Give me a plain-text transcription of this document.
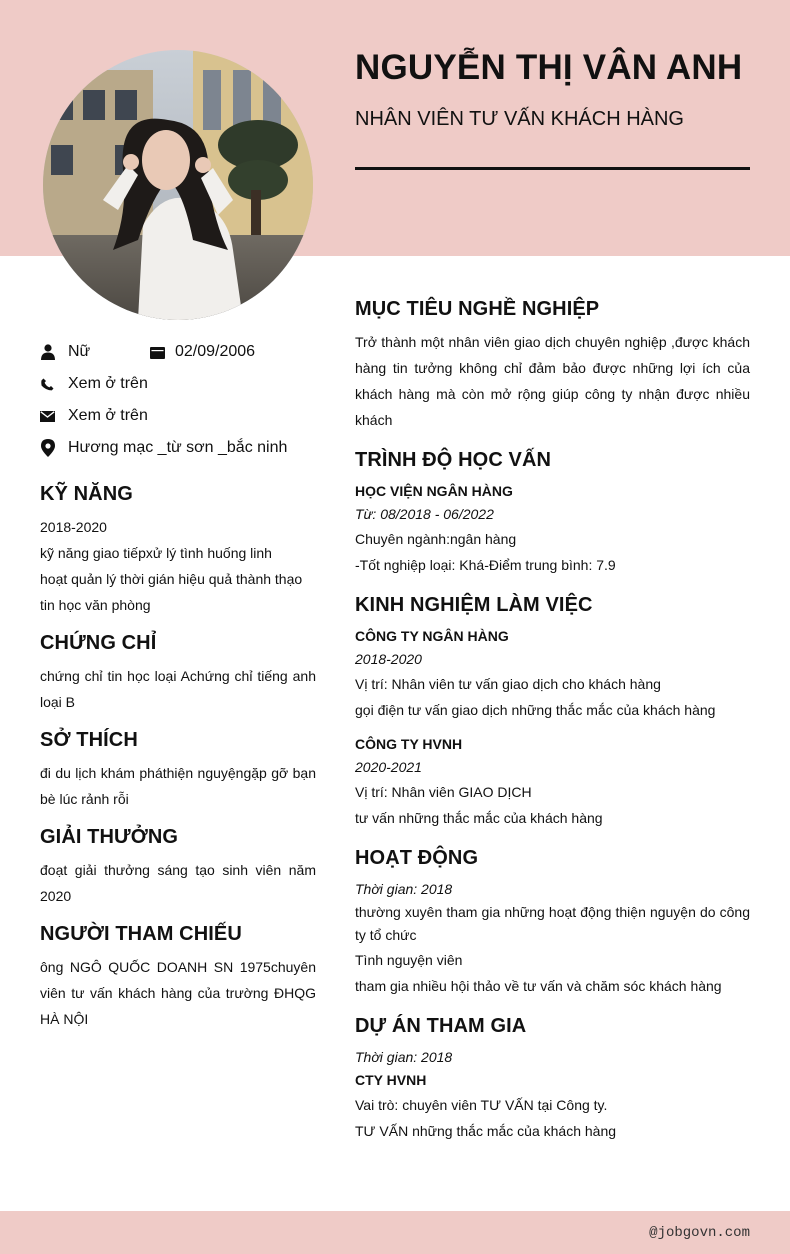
NGUYỄN THỊ VÂN ANH
NHÂN VIÊN TƯ VẤN KHÁCH HÀNG
Nữ	02/09/2006
Xem ở trên
Xem ở trên
Hương mạc _từ sơn _bắc ninh
KỸ NĂNG
2018-2020
kỹ năng giao tiếpxử lý tình huống linh
hoạt quản lý thời gián hiệu quả thành thạo
tin học văn phòng
CHỨNG CHỈ
chứng chỉ tin học loại Achứng chỉ tiếng anh loại B
SỞ THÍCH
đi du lịch khám pháthiện nguyệngặp gỡ bạn bè lúc rảnh rỗi
GIẢI THƯỞNG
đoạt giải thưởng sáng tạo sinh viên năm 2020
NGƯỜI THAM CHIẾU
ông NGÔ QUỐC DOANH SN 1975chuyên viên tư vấn khách hàng của trường ĐHQG HÀ NỘI
MỤC TIÊU NGHỀ NGHIỆP
Trở thành một nhân viên giao dịch chuyên nghiệp ,được khách hàng tin tưởng không chỉ đảm bảo được những lợi ích của khách hàng mà còn mở rộng giúp công ty nhận được nhiều khách
TRÌNH ĐỘ HỌC VẤN
HỌC VIỆN NGÂN HÀNG
Từ: 08/2018 - 06/2022
Chuyên ngành:ngân hàng
-Tốt nghiệp loại: Khá-Điểm trung bình: 7.9
KINH NGHIỆM LÀM VIỆC
CÔNG TY NGÂN HÀNG
2018-2020
Vị trí: Nhân viên tư vấn giao dịch cho khách hàng
gọi điện tư vấn giao dịch những thắc mắc của khách hàng
CÔNG TY HVNH
2020-2021
Vị trí: Nhân viên GIAO DỊCH
tư vấn những thắc mắc của khách hàng
HOẠT ĐỘNG
Thời gian: 2018
thường xuyên tham gia những hoạt động thiện nguyện do công ty tổ chức
Tình nguyện viên
tham gia nhiều hội thảo về tư vấn và chăm sóc khách hàng
DỰ ÁN THAM GIA
Thời gian: 2018
CTY HVNH
Vai trò: chuyên viên TƯ VẤN tại Công ty.
TƯ VẤN những thắc mắc của khách hàng
@jobgovn.com
